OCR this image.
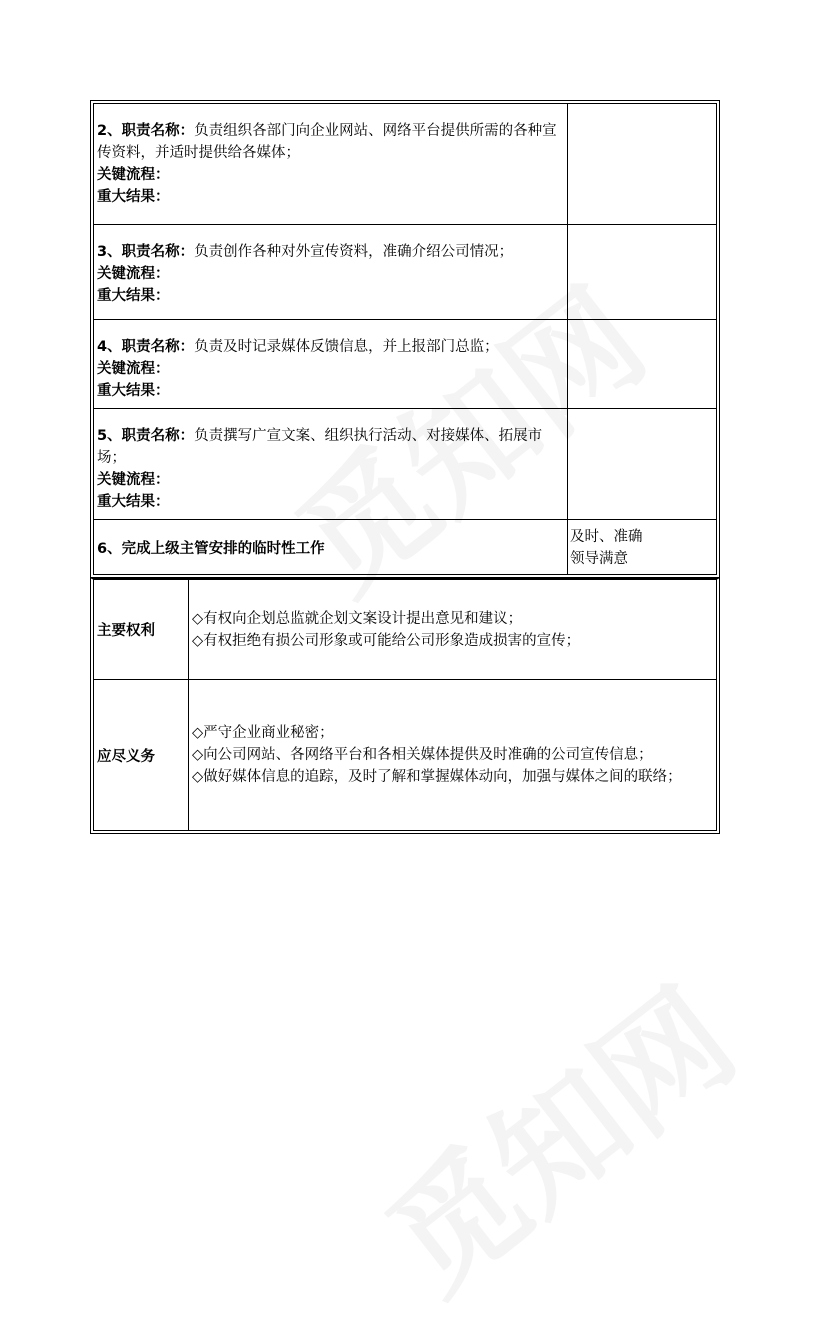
2、职责名称：负责组织各部门向企业网站、网络平台提供所需的各种宣传资料，并适时提供给各媒体；
关键流程：
重大结果：
3、职责名称：负责创作各种对外宣传资料，准确介绍公司情况；
关键流程：
重大结果：
4、职责名称：负责及时记录媒体反馈信息，并上报部门总监；
关键流程：
重大结果：
5、职责名称：负责撰写广宣文案、组织执行活动、对接媒体、拓展市场；
关键流程：
重大结果：
6、完成上级主管安排的临时性工作
及时、准确
领导满意
主要权利
◇有权向企划总监就企划文案设计提出意见和建议；
◇有权拒绝有损公司形象或可能给公司形象造成损害的宣传；
应尽义务
◇严守企业商业秘密；
◇向公司网站、各网络平台和各相关媒体提供及时准确的公司宣传信息；
◇做好媒体信息的追踪，及时了解和掌握媒体动向，加强与媒体之间的联络；
